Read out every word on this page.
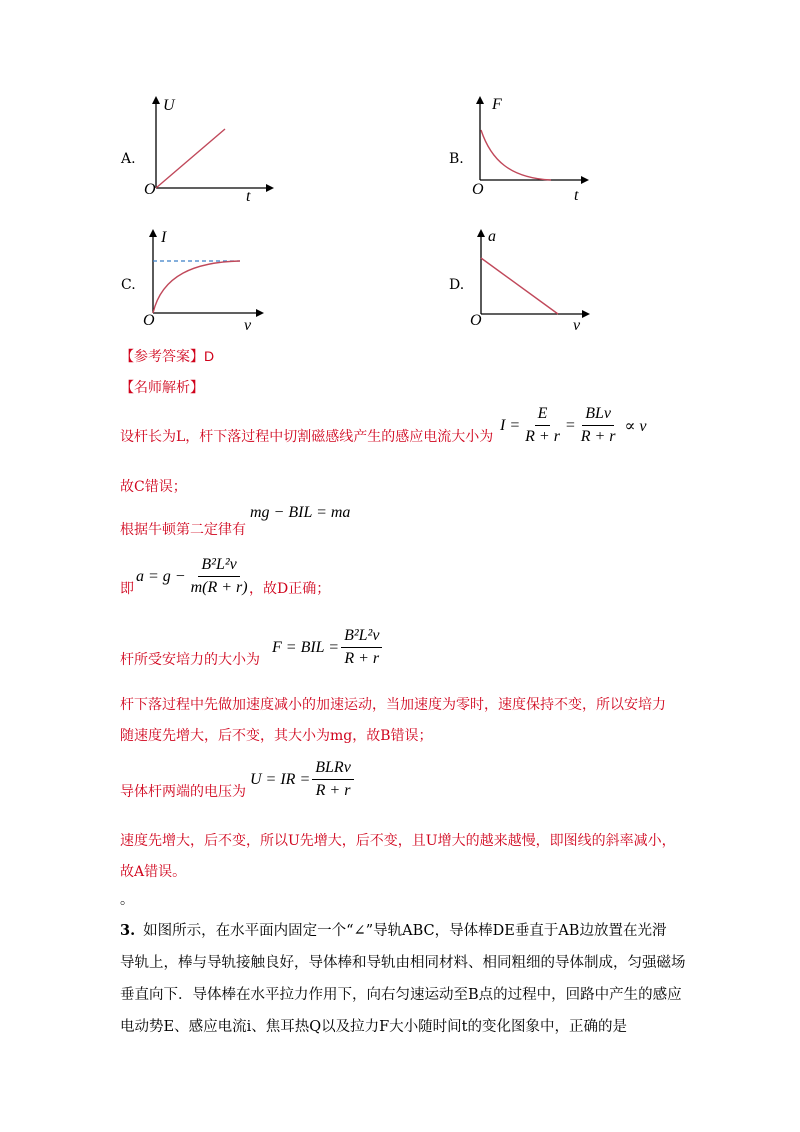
A.
U
O	t
B.
F
O	t
C.
I
O	v
D.
a
O	v
【参考答案】D
【名师解析】
设杆长为L，杆下落过程中切割磁感线产生的感应电流大小为
$I = \frac{E}{R + r} = \frac{\text{BLv}}{R + r} \propto v$
故C错误；
根据牛顿第二定律有
mg − BIL = ma
即
$a = g - \frac{\text{B²L²v}}{m(R + r)}$
，故D正确；
杆所受安培力的大小为
F = BIL = $\frac{\text{B²L²v}}{R + r}$
杆下落过程中先做加速度减小的加速运动，当加速度为零时，速度保持不变，所以安培力
随速度先增大，后不变，其大小为mg，故B错误；
导体杆两端的电压为
U = IR = $\frac{\text{BLRv}}{R + r}$
速度先增大，后不变，所以U先增大，后不变，且U增大的越来越慢，即图线的斜率减小，
故A错误。
。
3. 如图所示，在水平面内固定一个“∠”导轨ABC，导体棒DE垂直于AB边放置在光滑
导轨上，棒与导轨接触良好，导体棒和导轨由相同材料、相同粗细的导体制成，匀强磁场
垂直向下．导体棒在水平拉力作用下，向右匀速运动至B点的过程中，回路中产生的感应
电动势E、感应电流i、焦耳热Q以及拉力F大小随时间t的变化图象中，正确的是
